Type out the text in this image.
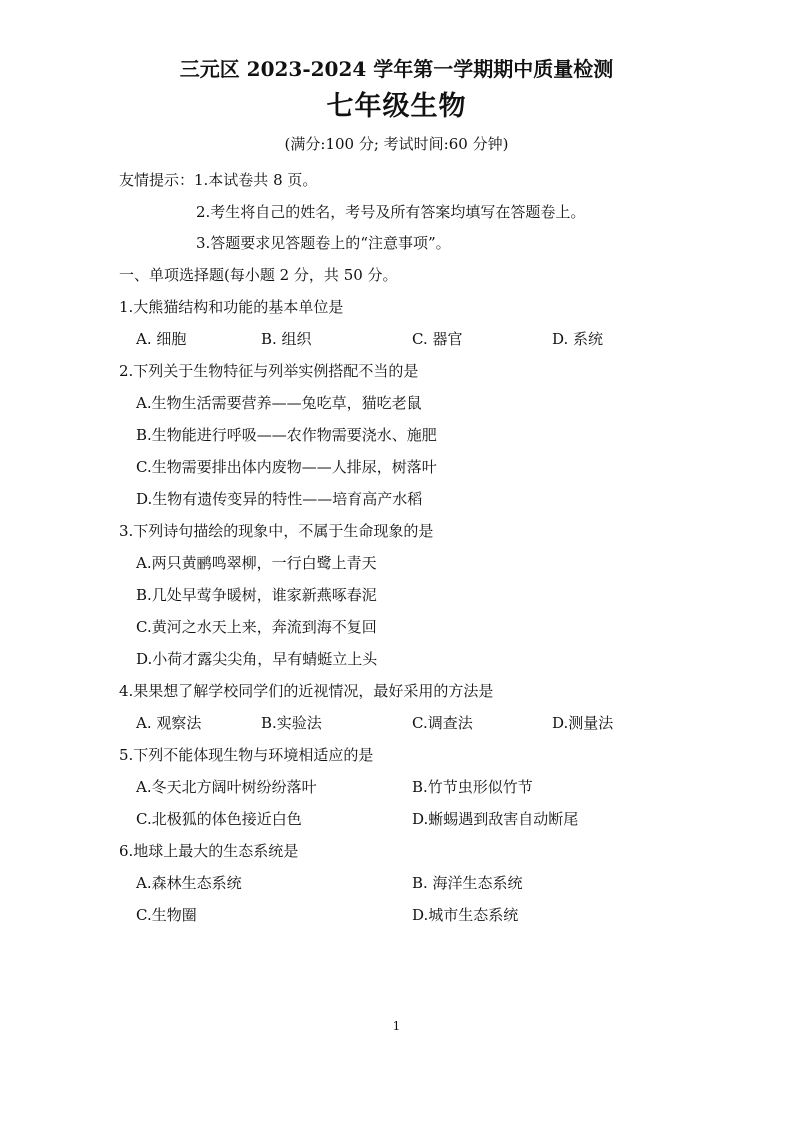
三元区 2023-2024 学年第一学期期中质量检测
七年级生物
(满分:100 分; 考试时间:60 分钟)
友情提示：1.本试卷共 8 页。
2.考生将自己的姓名，考号及所有答案均填写在答题卷上。
3.答题要求见答题卷上的“注意事项”。
一、单项选择题(每小题 2 分，共 50 分。
1.大熊猫结构和功能的基本单位是
A. 细胞	B. 组织	C. 器官	D. 系统
2.下列关于生物特征与列举实例搭配不当的是
A.生物生活需要营养——兔吃草，猫吃老鼠
B.生物能进行呼吸——农作物需要浇水、施肥
C.生物需要排出体内废物——人排尿，树落叶
D.生物有遗传变异的特性——培育高产水稻
3.下列诗句描绘的现象中，不属于生命现象的是
A.两只黄鹂鸣翠柳，一行白鹭上青天
B.几处早莺争暖树，谁家新燕啄春泥
C.黄河之水天上来，奔流到海不复回
D.小荷才露尖尖角，早有蜻蜓立上头
4.果果想了解学校同学们的近视情况，最好采用的方法是
A. 观察法	B.实验法	C.调查法	D.测量法
5.下列不能体现生物与环境相适应的是
A.冬天北方阔叶树纷纷落叶	B.竹节虫形似竹节
C.北极狐的体色接近白色	D.蜥蜴遇到敌害自动断尾
6.地球上最大的生态系统是
A.森林生态系统	B. 海洋生态系统
C.生物圈	D.城市生态系统
1
